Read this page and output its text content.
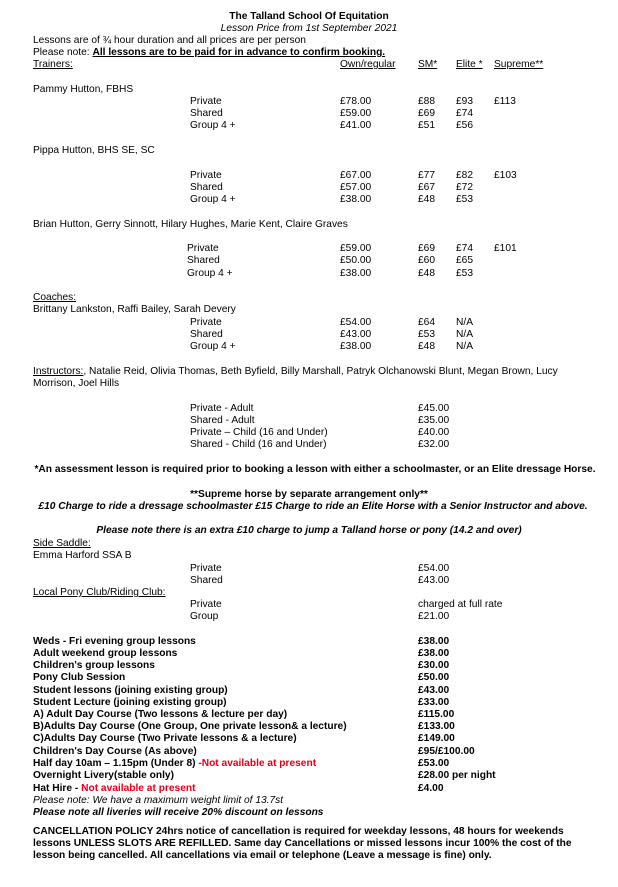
The Talland School Of Equitation
Lesson Price from 1st September 2021
Lessons are of ¾ hour duration and all prices are per person
Please note: All lessons are to be paid for in advance to confirm booking.
Trainers:	Own/regular SM* Elite * Supreme**
Pammy Hutton, FBHS
Private	£78.00	£88 £93 £113
Shared	£59.00	£69 £74
Group 4 +	£41.00	£51 £56
Pippa Hutton, BHS SE, SC
Private	£67.00	£77 £82 £103
Shared	£57.00	£67 £72
Group 4 +	£38.00	£48 £53
Brian Hutton, Gerry Sinnott, Hilary Hughes, Marie Kent, Claire Graves
Private	£59.00	£69 £74 £101
Shared	£50.00	£60 £65
Group 4 +	£38.00	£48 £53
Coaches:
Brittany Lankston, Raffi Bailey, Sarah Devery
Private	£54.00	£64 N/A
Shared	£43.00	£53 N/A
Group 4 +	£38.00	£48 N/A
Instructors:, Natalie Reid, Olivia Thomas, Beth Byfield, Billy Marshall, Patryk Olchanowski Blunt, Megan Brown, Lucy Morrison, Joel Hills
Private - Adult	£45.00
Shared - Adult	£35.00
Private – Child (16 and Under)	£40.00
Shared - Child (16 and Under)	£32.00
*An assessment lesson is required prior to booking a lesson with either a schoolmaster, or an Elite dressage Horse.
**Supreme horse by separate arrangement only**
£10 Charge to ride a dressage schoolmaster £15 Charge to ride an Elite Horse with a Senior Instructor and above.
Please note there is an extra £10 charge to jump a Talland horse or pony (14.2 and over)
Side Saddle:
Emma Harford SSA B
Private	£54.00
Shared	£43.00
Local Pony Club/Riding Club:
Private	charged at full rate
Group	£21.00
Weds - Fri evening group lessons	£38.00
Adult weekend group lessons	£38.00
Children's group lessons	£30.00
Pony Club Session	£50.00
Student lessons (joining existing group)	£43.00
Student Lecture (joining existing group)	£33.00
A) Adult Day Course (Two lessons & lecture per day)	£115.00
B)Adults Day Course (One Group, One private lesson& a lecture)	£133.00
C)Adults Day Course (Two Private lessons & a lecture)	£149.00
Children's Day Course (As above)	£95/£100.00
Half day 10am – 1.15pm (Under 8) -Not available at present	£53.00
Overnight Livery(stable only)	£28.00 per night
Hat Hire - Not available at present	£4.00
Please note: We have a maximum weight limit of 13.7st
Please note all liveries will receive 20% discount on lessons
CANCELLATION POLICY 24hrs notice of cancellation is required for weekday lessons, 48 hours for weekends lessons UNLESS SLOTS ARE REFILLED. Same day Cancellations or missed lessons incur 100% the cost of the lesson being cancelled. All cancellations via email or telephone (Leave a message is fine) only.
